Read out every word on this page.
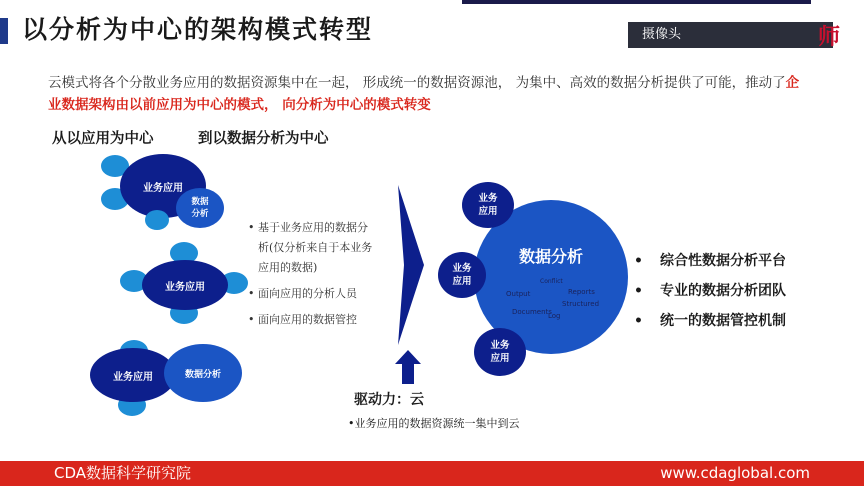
以分析为中心的架构模式转型	摄像头	师
云模式将各个分散业务应用的数据资源集中在一起， 形成统一的数据资源池， 为集中、高效的数据分析提供了可能，推动了企业数据架构由以前应用为中心的模式， 向分析为中心的模式转变
从以应用为中心	到以数据分析为中心
业务应用
数据
分析
业务应用
业务应用	数据分析
• 基于业务应用的数据分析(仅分析来自于本业务应用的数据)
• 面向应用的分析人员
• 面向应用的数据管控
数据分析
Output
Conflict
Structured
Documents
Reports
Log
业务
应用
业务
应用
业务
应用
• 综合性数据分析平台
• 专业的数据分析团队
• 统一的数据管控机制
驱动力：云
•业务应用的数据资源统一集中到云
CDA数据科学研究院	www.cdaglobal.com
